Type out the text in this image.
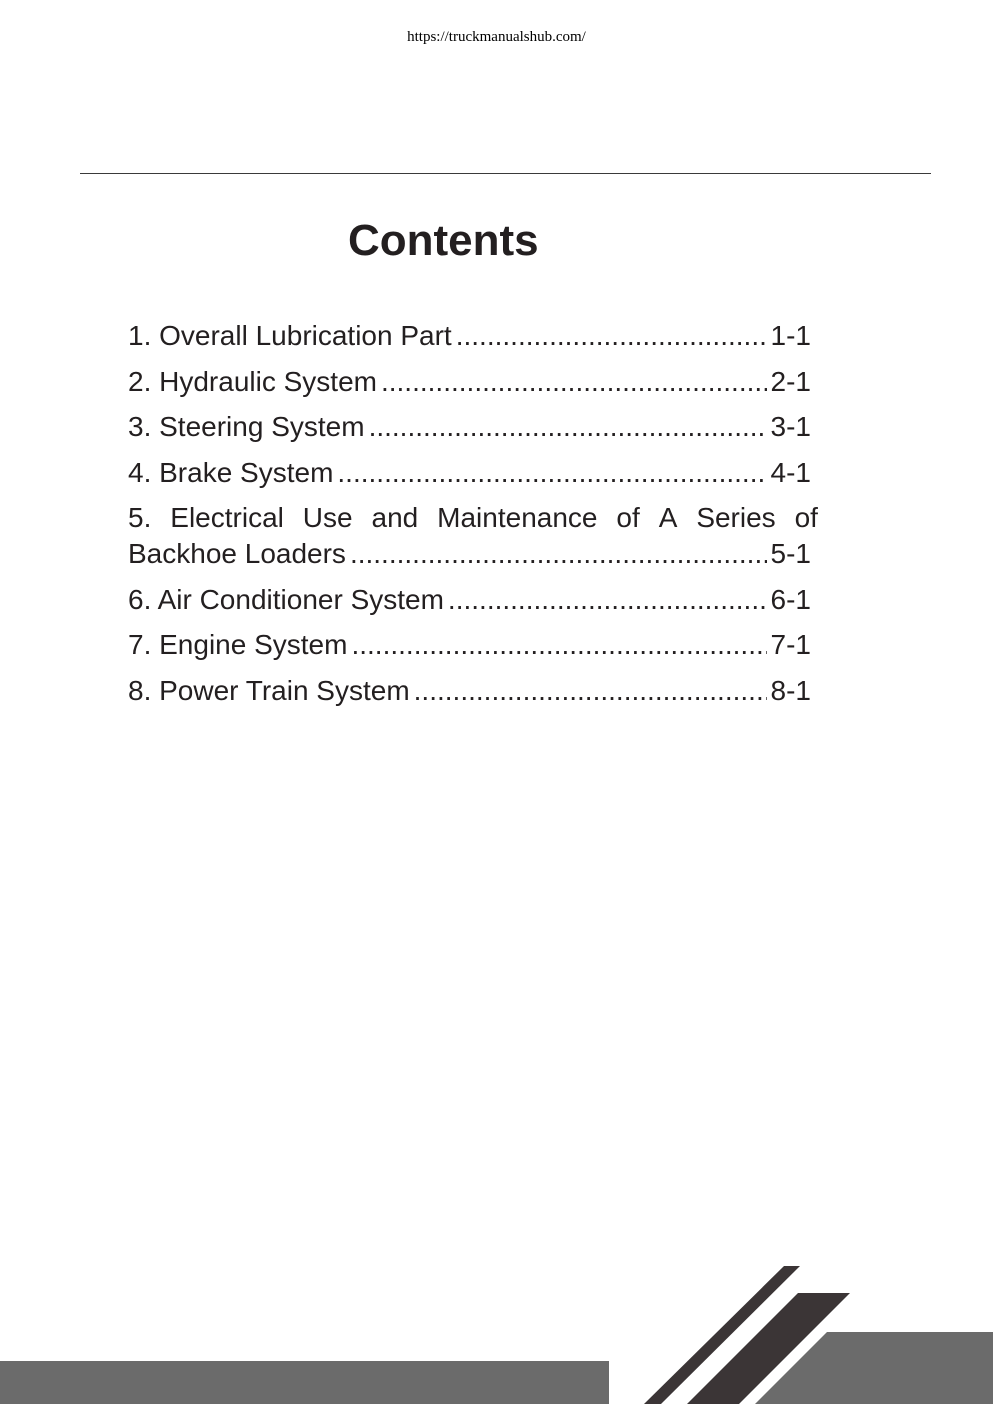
https://truckmanualshub.com/
Contents
1. Overall Lubrication Part .....	1-1
2. Hydraulic System .....	2-1
3. Steering System .....	3-1
4. Brake System .....	4-1
5. Electrical Use and Maintenance of A Series of
Backhoe Loaders .....	5-1
6. Air Conditioner System .....	6-1
7. Engine System .....	7-1
8. Power Train System .....	8-1
